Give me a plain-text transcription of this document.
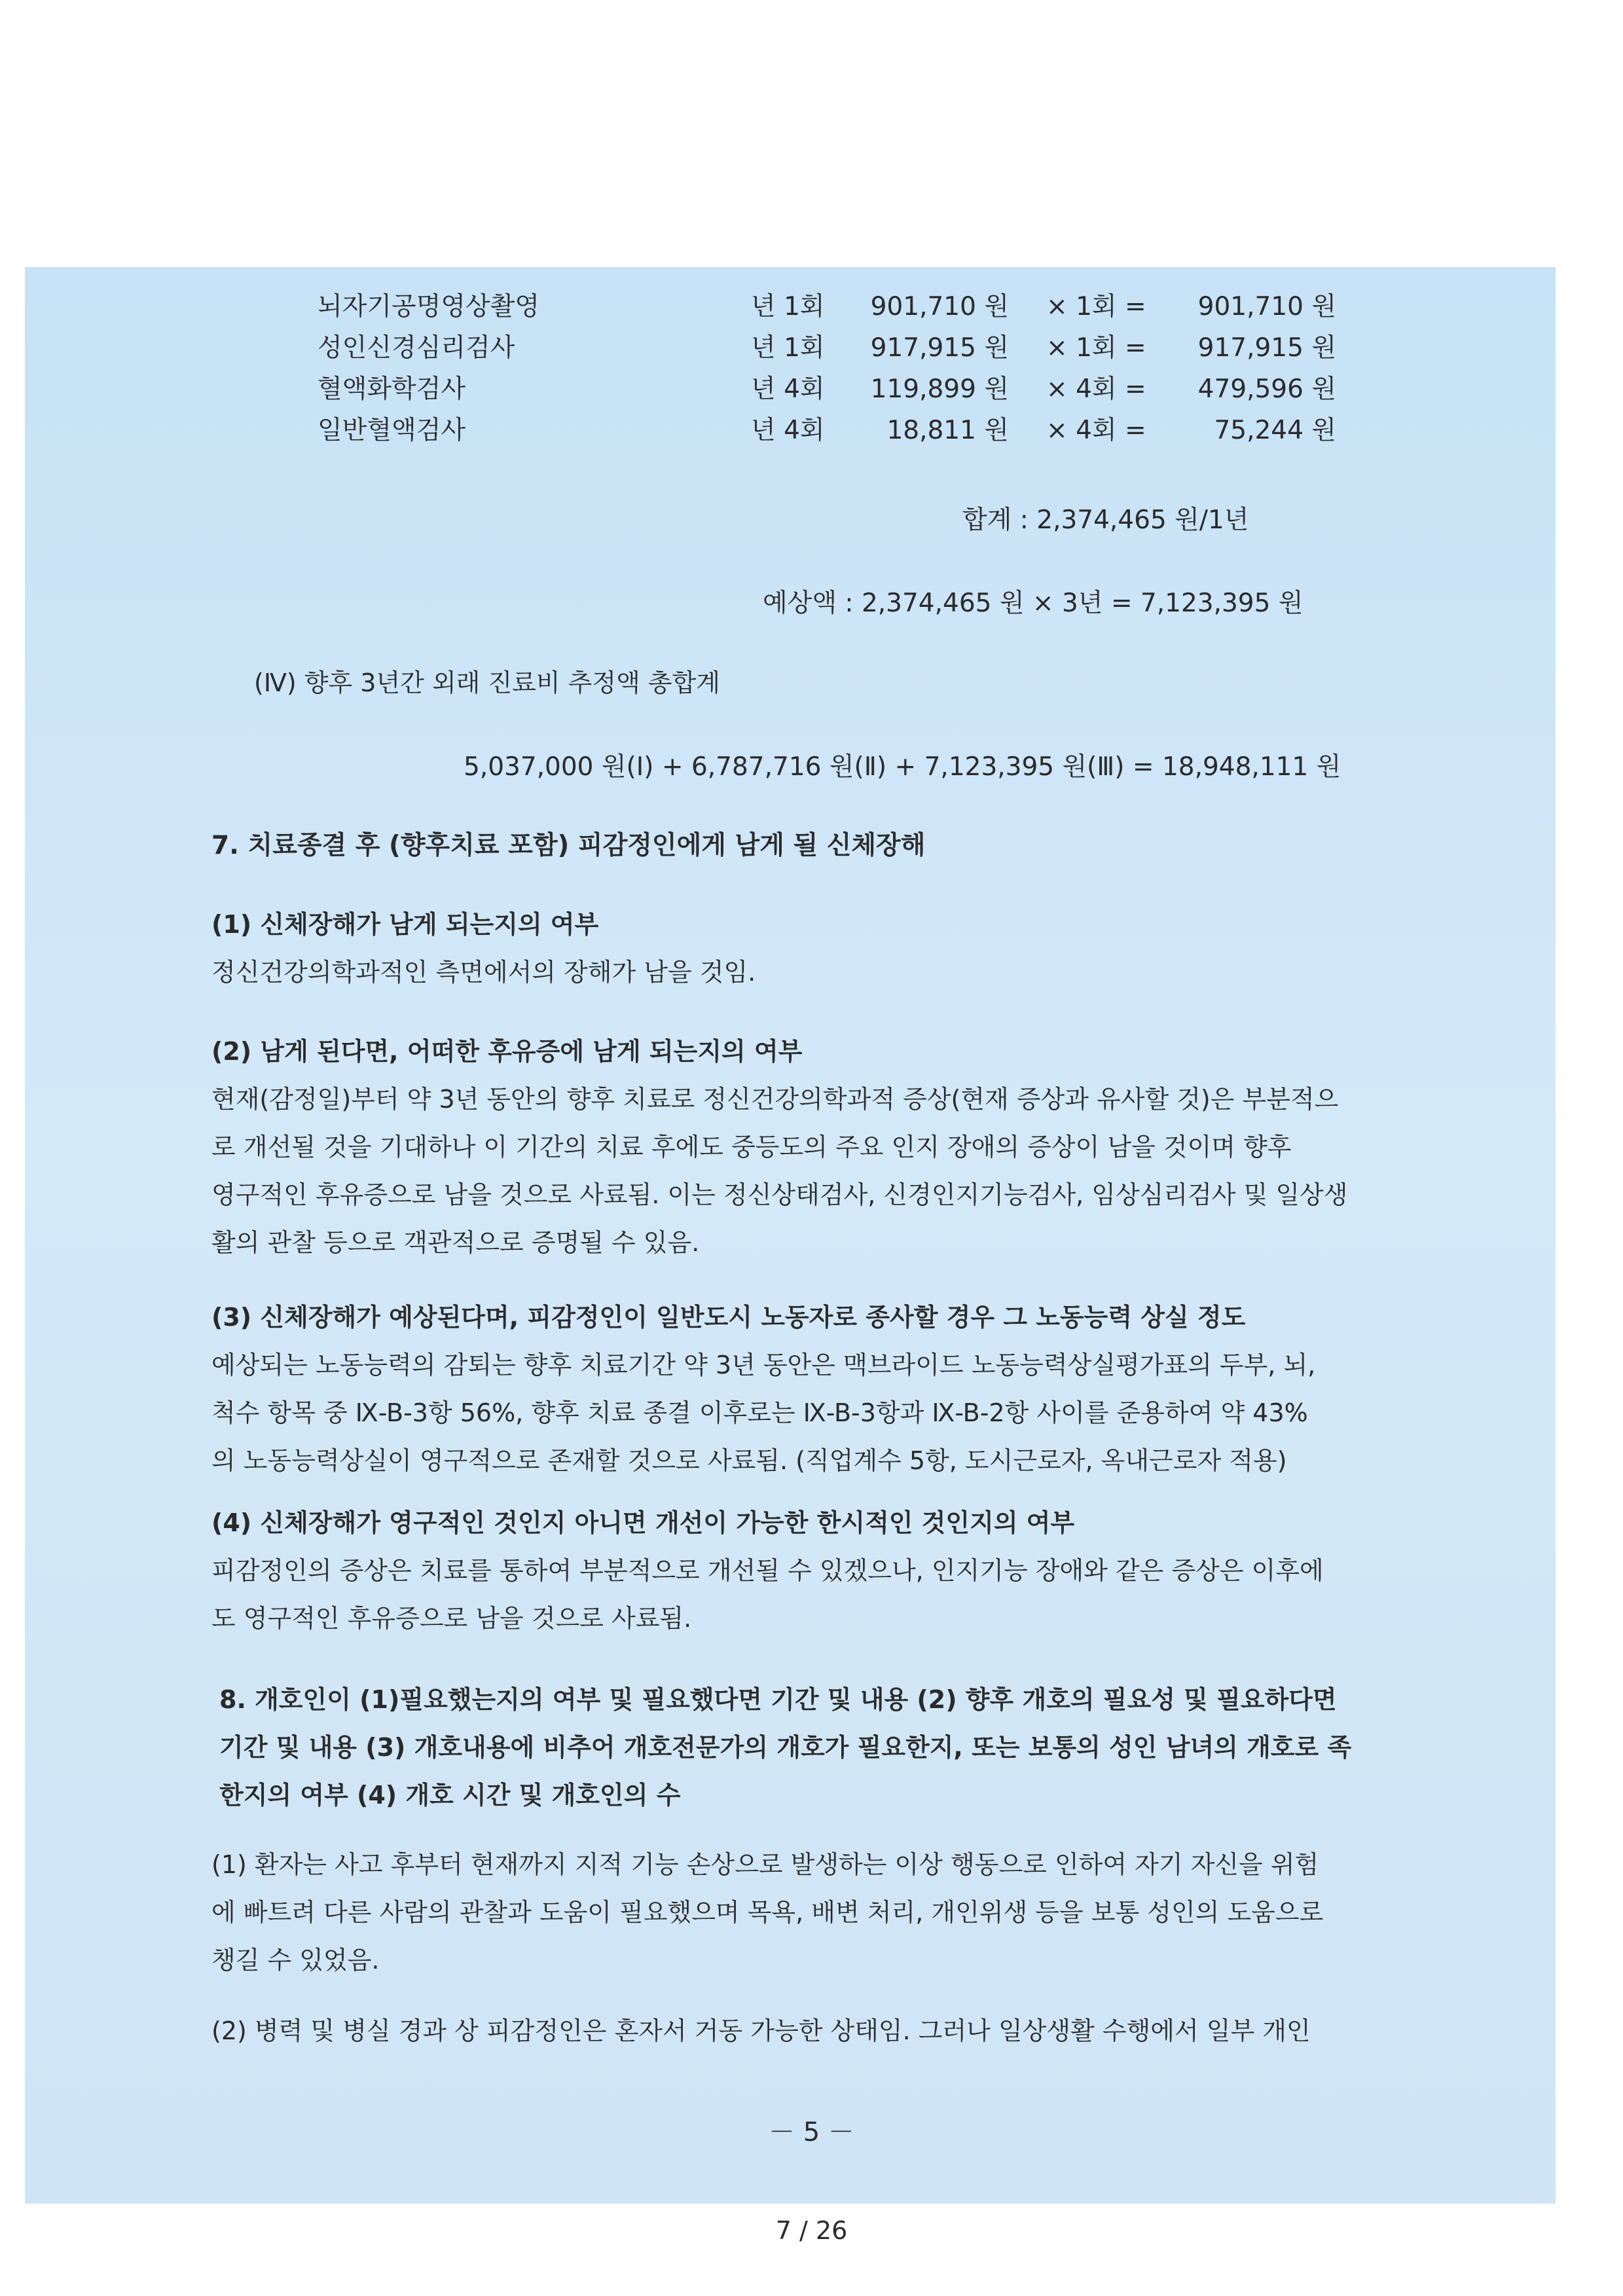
뇌자기공명영상촬영	년 1회 901,710 원 × 1회 = 901,710 원
성인신경심리검사	년 1회 917,915 원 × 1회 = 917,915 원
혈액화학검사	년 4회 119,899 원 × 4회 = 479,596 원
일반혈액검사	년 4회 18,811 원 × 4회 =	75,244 원
합계 : 2,374,465 원/1년
예상액 : 2,374,465 원 × 3년 = 7,123,395 원
(Ⅳ) 향후 3년간 외래 진료비 추정액 총합계
5,037,000 원(Ⅰ) + 6,787,716 원(Ⅱ) + 7,123,395 원(Ⅲ) = 18,948,111 원
7. 치료종결 후 (향후치료 포함) 피감정인에게 남게 될 신체장해
(1) 신체장해가 남게 되는지의 여부
정신건강의학과적인 측면에서의 장해가 남을 것임.
(2) 남게 된다면, 어떠한 후유증에 남게 되는지의 여부
현재(감정일)부터 약 3년 동안의 향후 치료로 정신건강의학과적 증상(현재 증상과 유사할 것)은 부분적으
로 개선될 것을 기대하나 이 기간의 치료 후에도 중등도의 주요 인지 장애의 증상이 남을 것이며 향후
영구적인 후유증으로 남을 것으로 사료됨. 이는 정신상태검사, 신경인지기능검사, 임상심리검사 및 일상생
활의 관찰 등으로 객관적으로 증명될 수 있음.
(3) 신체장해가 예상된다며, 피감정인이 일반도시 노동자로 종사할 경우 그 노동능력 상실 정도
예상되는 노동능력의 감퇴는 향후 치료기간 약 3년 동안은 맥브라이드 노동능력상실평가표의 두부, 뇌,
척수 항목 중 Ⅸ-B-3항 56%, 향후 치료 종결 이후로는 Ⅸ-B-3항과 Ⅸ-B-2항 사이를 준용하여 약 43%
의 노동능력상실이 영구적으로 존재할 것으로 사료됨. (직업계수 5항, 도시근로자, 옥내근로자 적용)
(4) 신체장해가 영구적인 것인지 아니면 개선이 가능한 한시적인 것인지의 여부
피감정인의 증상은 치료를 통하여 부분적으로 개선될 수 있겠으나, 인지기능 장애와 같은 증상은 이후에
도 영구적인 후유증으로 남을 것으로 사료됨.
8. 개호인이 (1)필요했는지의 여부 및 필요했다면 기간 및 내용 (2) 향후 개호의 필요성 및 필요하다면
기간 및 내용 (3) 개호내용에 비추어 개호전문가의 개호가 필요한지, 또는 보통의 성인 남녀의 개호로 족
한지의 여부 (4) 개호 시간 및 개호인의 수
(1) 환자는 사고 후부터 현재까지 지적 기능 손상으로 발생하는 이상 행동으로 인하여 자기 자신을 위험
에 빠트려 다른 사람의 관찰과 도움이 필요했으며 목욕, 배변 처리, 개인위생 등을 보통 성인의 도움으로
챙길 수 있었음.
(2) 병력 및 병실 경과 상 피감정인은 혼자서 거동 가능한 상태임. 그러나 일상생활 수행에서 일부 개인
－ 5 －
7 / 26
